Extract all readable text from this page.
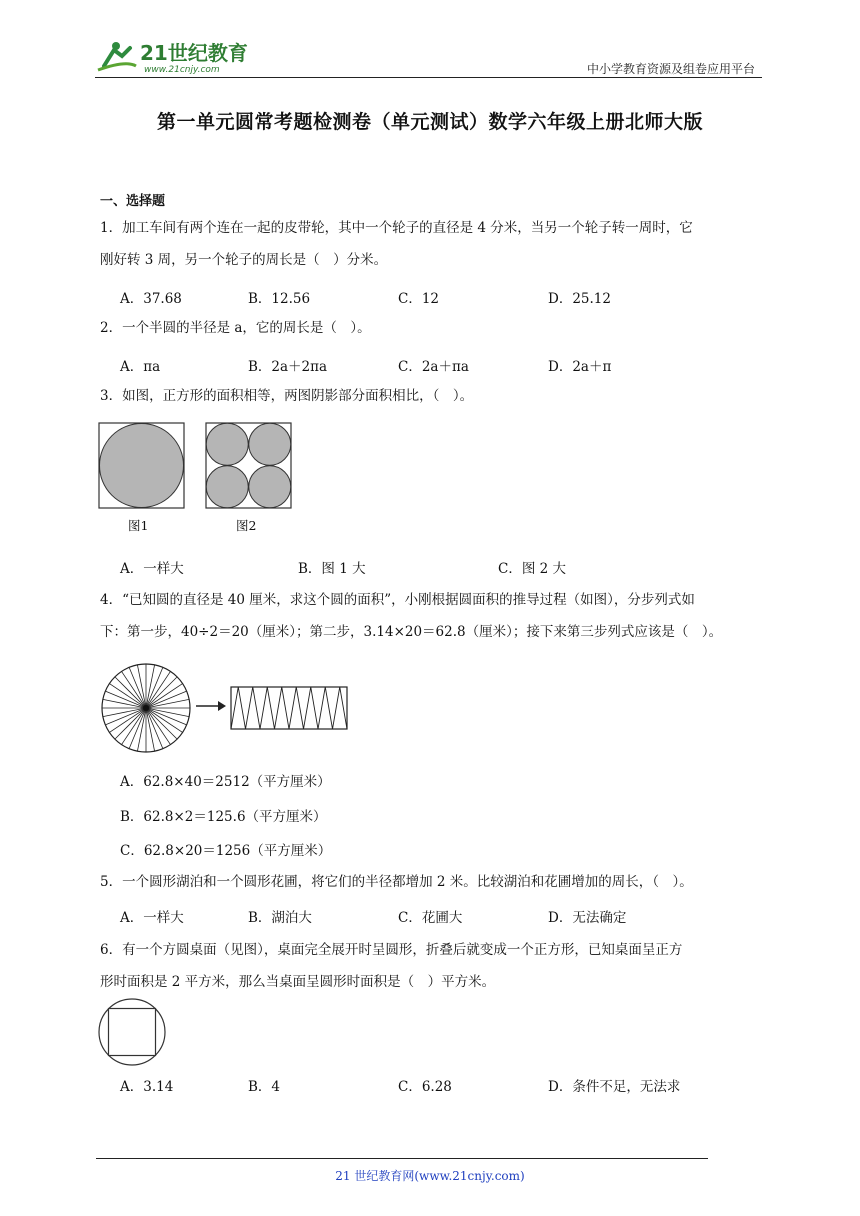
21世纪教育
www.21cnjy.com	中小学教育资源及组卷应用平台
第一单元圆常考题检测卷（单元测试）数学六年级上册北师大版
一、选择题
1．加工车间有两个连在一起的皮带轮，其中一个轮子的直径是 4 分米，当另一个轮子转一周时，它
刚好转 3 周，另一个轮子的周长是（　）分米。
A．37.68	B．12.56	C．12	D．25.12
2．一个半圆的半径是 a，它的周长是（　）。
A．πa	B．2a＋2πa	C．2a＋πa	D．2a＋π
3．如图，正方形的面积相等，两图阴影部分面积相比，（　）。
图1	图2
A．一样大	B．图 1 大	C．图 2 大
4．“已知圆的直径是 40 厘米，求这个圆的面积”，小刚根据圆面积的推导过程（如图），分步列式如
下：第一步，40÷2＝20（厘米）；第二步，3.14×20＝62.8（厘米）；接下来第三步列式应该是（　）。
A．62.8×40＝2512（平方厘米）
B．62.8×2＝125.6（平方厘米）
C．62.8×20＝1256（平方厘米）
5．一个圆形湖泊和一个圆形花圃，将它们的半径都增加 2 米。比较湖泊和花圃增加的周长，（　）。
A．一样大	B．湖泊大	C．花圃大	D．无法确定
6．有一个方圆桌面（见图），桌面完全展开时呈圆形，折叠后就变成一个正方形，已知桌面呈正方
形时面积是 2 平方米，那么当桌面呈圆形时面积是（　）平方米。
A．3.14	B．4	C．6.28	D．条件不足，无法求
21 世纪教育网(www.21cnjy.com)
